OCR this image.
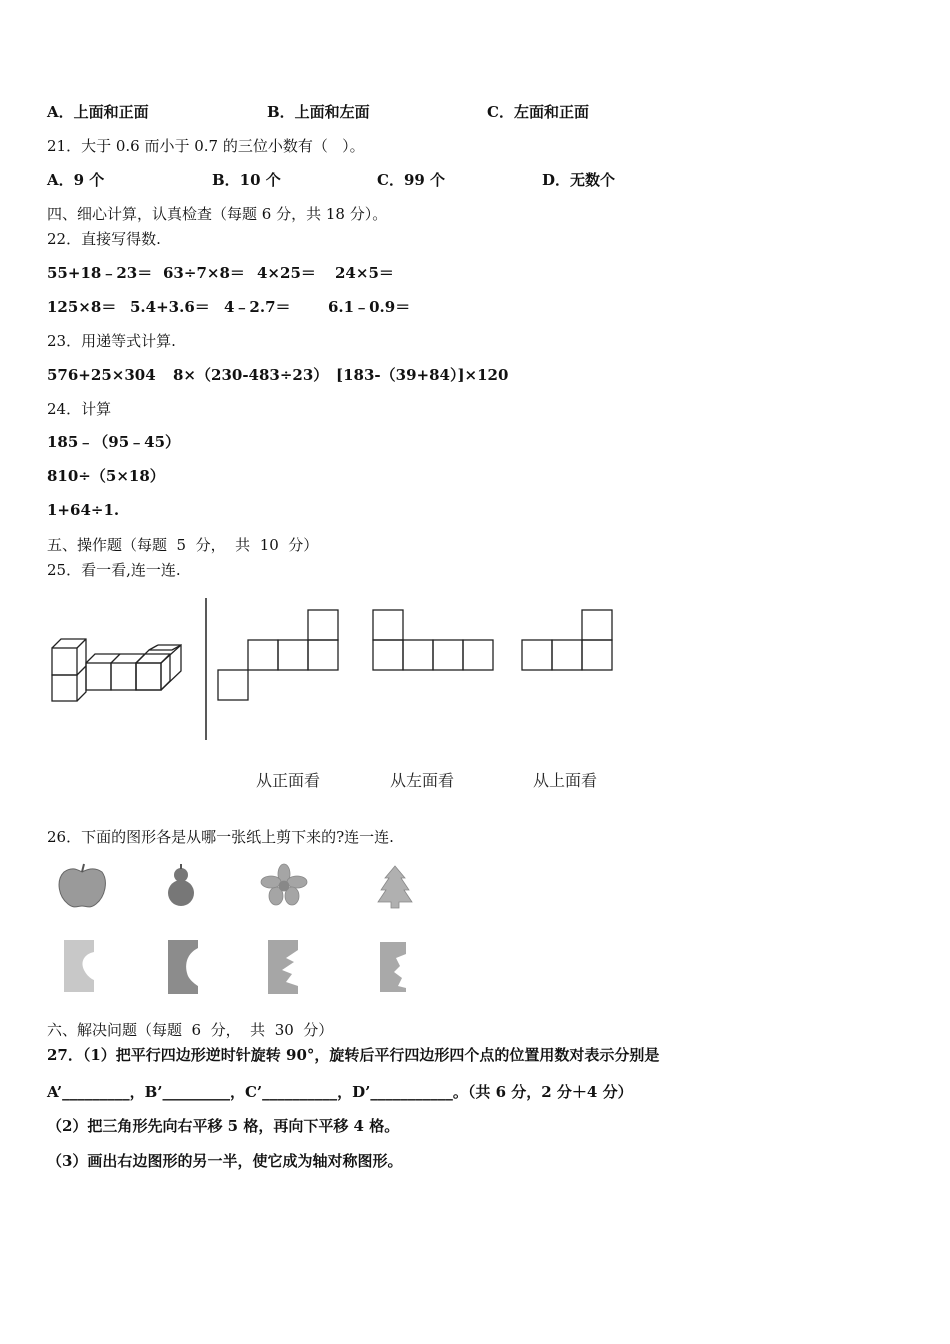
A．上面和正面	B．上面和左面	C．左面和正面
21．大于 0.6 而小于 0.7 的三位小数有（   ）。
A．9 个	B．10 个	C．99 个	D．无数个
四、细心计算，认真检查（每题 6 分，共 18 分）。
22．直接写得数.
55+18﹣23＝ 63÷7×8＝ 4×25＝ 24×5＝
125×8＝ 5.4+3.6＝ 4﹣2.7＝ 6.1﹣0.9＝
23．用递等式计算.
576+25×304 8×（230-483÷23） [183-（39+84）]×120
24．计算
185﹣（95﹣45）
810÷（5×18）
1+64÷1.
五、操作题（每题  5  分，  共  10  分）
25．看一看,连一连.
从正面看	从左面看	从上面看
26．下面的图形各是从哪一张纸上剪下来的?连一连.
六、解决问题（每题  6  分，  共  30  分）
27．（1）把平行四边形逆时针旋转 90°，旋转后平行四边形四个点的位置用数对表示分别是
A’_________，B’_________，C’__________，D’___________。（共 6 分，2 分＋4 分）
（2）把三角形先向右平移 5 格，再向下平移 4 格。
（3）画出右边图形的另一半，使它成为轴对称图形。
